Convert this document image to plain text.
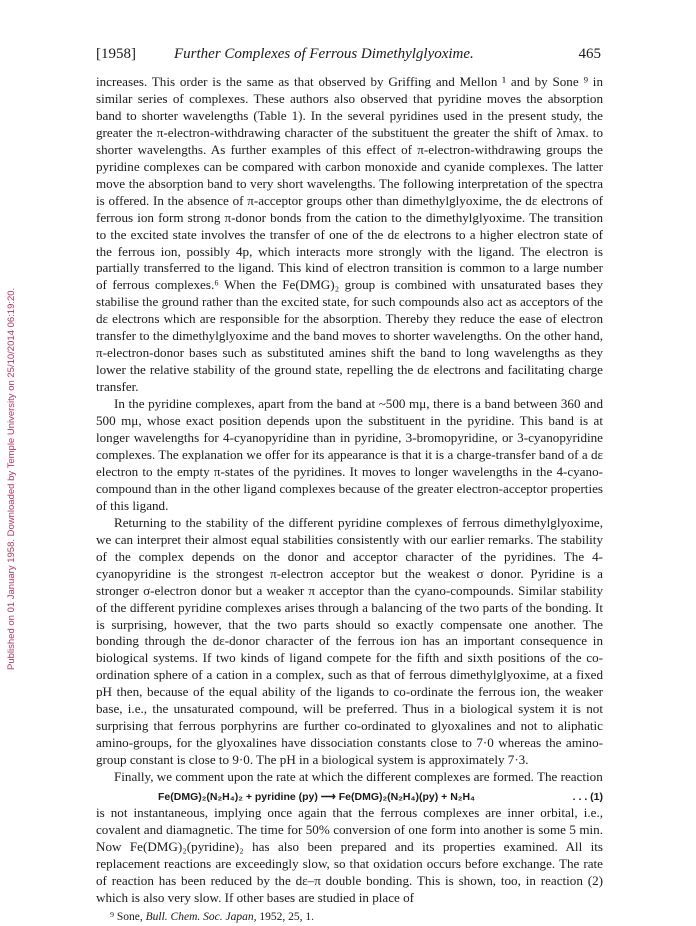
Published on 01 January 1958. Downloaded by Temple University on 25/10/2014 06:19:20.
[1958]	Further Complexes of Ferrous Dimethylglyoxime.	465

increases. This order is the same as that observed by Griffing and Mellon ¹ and by Sone ⁹ in similar series of complexes. These authors also observed that pyridine moves the absorption band to shorter wavelengths (Table 1). In the several pyridines used in the present study, the greater the π-electron-withdrawing character of the substituent the greater the shift of λmax. to shorter wavelengths. As further examples of this effect of π-electron-withdrawing groups the pyridine complexes can be compared with carbon monoxide and cyanide complexes. The latter move the absorption band to very short wavelengths. The following interpretation of the spectra is offered. In the absence of π-acceptor groups other than dimethylglyoxime, the dε electrons of ferrous ion form strong π-donor bonds from the cation to the dimethylglyoxime. The transition to the excited state involves the transfer of one of the dε electrons to a higher electron state of the ferrous ion, possibly 4p, which interacts more strongly with the ligand. The electron is partially transferred to the ligand. This kind of electron transition is common to a large number of ferrous complexes.⁶ When the Fe(DMG)₂ group is combined with unsaturated bases they stabilise the ground rather than the excited state, for such compounds also act as acceptors of the dε electrons which are responsible for the absorption. Thereby they reduce the ease of electron transfer to the dimethylglyoxime and the band moves to shorter wavelengths. On the other hand, π-electron-donor bases such as substituted amines shift the band to long wavelengths as they lower the relative stability of the ground state, repelling the dε electrons and facilitating charge transfer.

In the pyridine complexes, apart from the band at ~500 mμ, there is a band between 360 and 500 mμ, whose exact position depends upon the substituent in the pyridine. This band is at longer wavelengths for 4-cyanopyridine than in pyridine, 3-bromopyridine, or 3-cyanopyridine complexes. The explanation we offer for its appearance is that it is a charge-transfer band of a dε electron to the empty π-states of the pyridines. It moves to longer wavelengths in the 4-cyano-compound than in the other ligand complexes because of the greater electron-acceptor properties of this ligand.

Returning to the stability of the different pyridine complexes of ferrous dimethylglyoxime, we can interpret their almost equal stabilities consistently with our earlier remarks. The stability of the complex depends on the donor and acceptor character of the pyridines. The 4-cyanopyridine is the strongest π-electron acceptor but the weakest σ donor. Pyridine is a stronger σ-electron donor but a weaker π acceptor than the cyano-compounds. Similar stability of the different pyridine complexes arises through a balancing of the two parts of the bonding. It is surprising, however, that the two parts should so exactly compensate one another. The bonding through the dε-donor character of the ferrous ion has an important consequence in biological systems. If two kinds of ligand compete for the fifth and sixth positions of the co-ordination sphere of a cation in a complex, such as that of ferrous dimethylglyoxime, at a fixed pH then, because of the equal ability of the ligands to co-ordinate the ferrous ion, the weaker base, i.e., the unsaturated compound, will be preferred. Thus in a biological system it is not surprising that ferrous porphyrins are further co-ordinated to glyoxalines and not to aliphatic amino-groups, for the glyoxalines have dissociation constants close to 7·0 whereas the amino-group constant is close to 9·0. The pH in a biological system is approximately 7·3.

Finally, we comment upon the rate at which the different complexes are formed. The reaction

Fe(DMG)₂(N₂H₄)₂ + pyridine (py) ⟶ Fe(DMG)₂(N₂H₄)(py) + N₂H₄	. . . (1)

is not instantaneous, implying once again that the ferrous complexes are inner orbital, i.e., covalent and diamagnetic. The time for 50% conversion of one form into another is some 5 min. Now Fe(DMG)₂(pyridine)₂ has also been prepared and its properties examined. All its replacement reactions are exceedingly slow, so that oxidation occurs before exchange. The rate of reaction has been reduced by the dε–π double bonding. This is shown, too, in reaction (2) which is also very slow. If other bases are studied in place of

⁹ Sone, Bull. Chem. Soc. Japan, 1952, 25, 1.
